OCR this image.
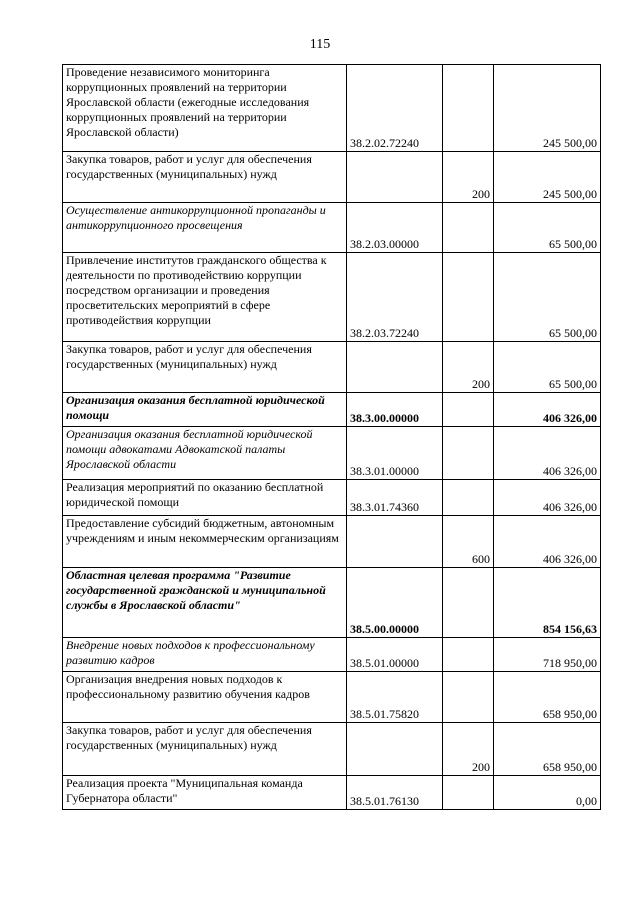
115
Проведение независимого мониторинга коррупционных проявлений на территории Ярославской области (ежегодные исследования коррупционных проявлений на территории Ярославской области)	38.2.02.72240		245 500,00
Закупка товаров, работ и услуг для обеспечения государственных (муниципальных) нужд		200	245 500,00
Осуществление антикоррупционной пропаганды и антикоррупционного просвещения	38.2.03.00000		65 500,00
Привлечение институтов гражданского общества к деятельности по противодействию коррупции посредством организации и проведения просветительских мероприятий в сфере противодействия коррупции	38.2.03.72240		65 500,00
Закупка товаров, работ и услуг для обеспечения государственных (муниципальных) нужд		200	65 500,00
Организация оказания бесплатной юридической помощи	38.3.00.00000		406 326,00
Организация оказания бесплатной юридической помощи адвокатами Адвокатской палаты Ярославской области	38.3.01.00000		406 326,00
Реализация мероприятий по оказанию бесплатной юридической помощи	38.3.01.74360		406 326,00
Предоставление субсидий бюджетным, автономным учреждениям и иным некоммерческим организациям		600	406 326,00
Областная целевая программа "Развитие государственной гражданской и муниципальной службы в Ярославской области"	38.5.00.00000		854 156,63
Внедрение новых подходов к профессиональному развитию кадров	38.5.01.00000		718 950,00
Организация внедрения новых подходов к профессиональному развитию обучения кадров	38.5.01.75820		658 950,00
Закупка товаров, работ и услуг для обеспечения государственных (муниципальных) нужд		200	658 950,00
Реализация проекта "Муниципальная команда Губернатора области"	38.5.01.76130		0,00
